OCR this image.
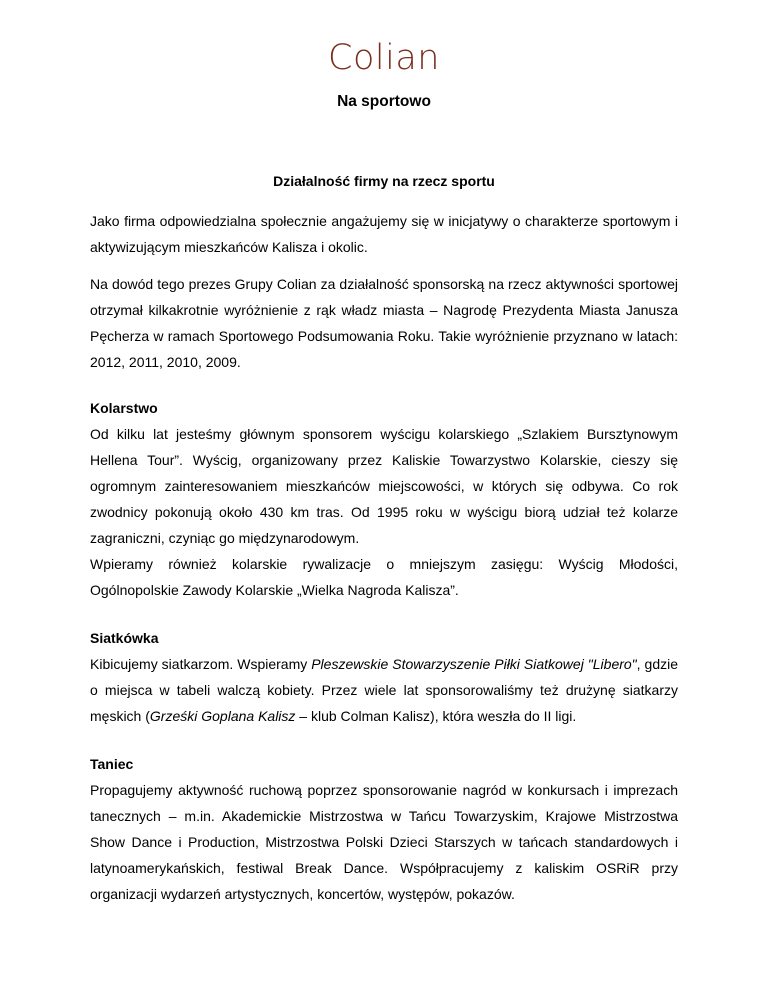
Colian
Na sportowo
Działalność firmy na rzecz sportu

Jako firma odpowiedzialna społecznie angażujemy się w inicjatywy o charakterze sportowym i aktywizującym mieszkańców Kalisza i okolic.

Na dowód tego prezes Grupy Colian za działalność sponsorską na rzecz aktywności sportowej otrzymał kilkakrotnie wyróżnienie z rąk władz miasta – Nagrodę Prezydenta Miasta Janusza Pęcherza w ramach Sportowego Podsumowania Roku. Takie wyróżnienie przyznano w latach: 2012, 2011, 2010, 2009.

Kolarstwo

Od kilku lat jesteśmy głównym sponsorem wyścigu kolarskiego „Szlakiem Bursztynowym Hellena Tour”. Wyścig, organizowany przez Kaliskie Towarzystwo Kolarskie, cieszy się ogromnym zainteresowaniem mieszkańców miejscowości, w których się odbywa. Co rok zwodnicy pokonują około 430 km tras. Od 1995 roku w wyścigu biorą udział też kolarze zagraniczni, czyniąc go międzynarodowym.

Wpieramy również kolarskie rywalizacje o mniejszym zasięgu: Wyścig Młodości,

Ogólnopolskie Zawody Kolarskie „Wielka Nagroda Kalisza”.

Siatkówka

Kibicujemy siatkarzom. Wspieramy Pleszewskie Stowarzyszenie Piłki Siatkowej "Libero", gdzie o miejsca w tabeli walczą kobiety. Przez wiele lat sponsorowaliśmy też drużynę siatkarzy męskich (Grześki Goplana Kalisz – klub Colman Kalisz), która weszła do II ligi.

Taniec

Propagujemy aktywność ruchową poprzez sponsorowanie nagród w konkursach i imprezach tanecznych – m.in. Akademickie Mistrzostwa w Tańcu Towarzyskim, Krajowe Mistrzostwa Show Dance i Production, Mistrzostwa Polski Dzieci Starszych w tańcach standardowych i latynoamerykańskich, festiwal Break Dance. Współpracujemy z kaliskim OSRiR przy organizacji wydarzeń artystycznych, koncertów, występów, pokazów.
